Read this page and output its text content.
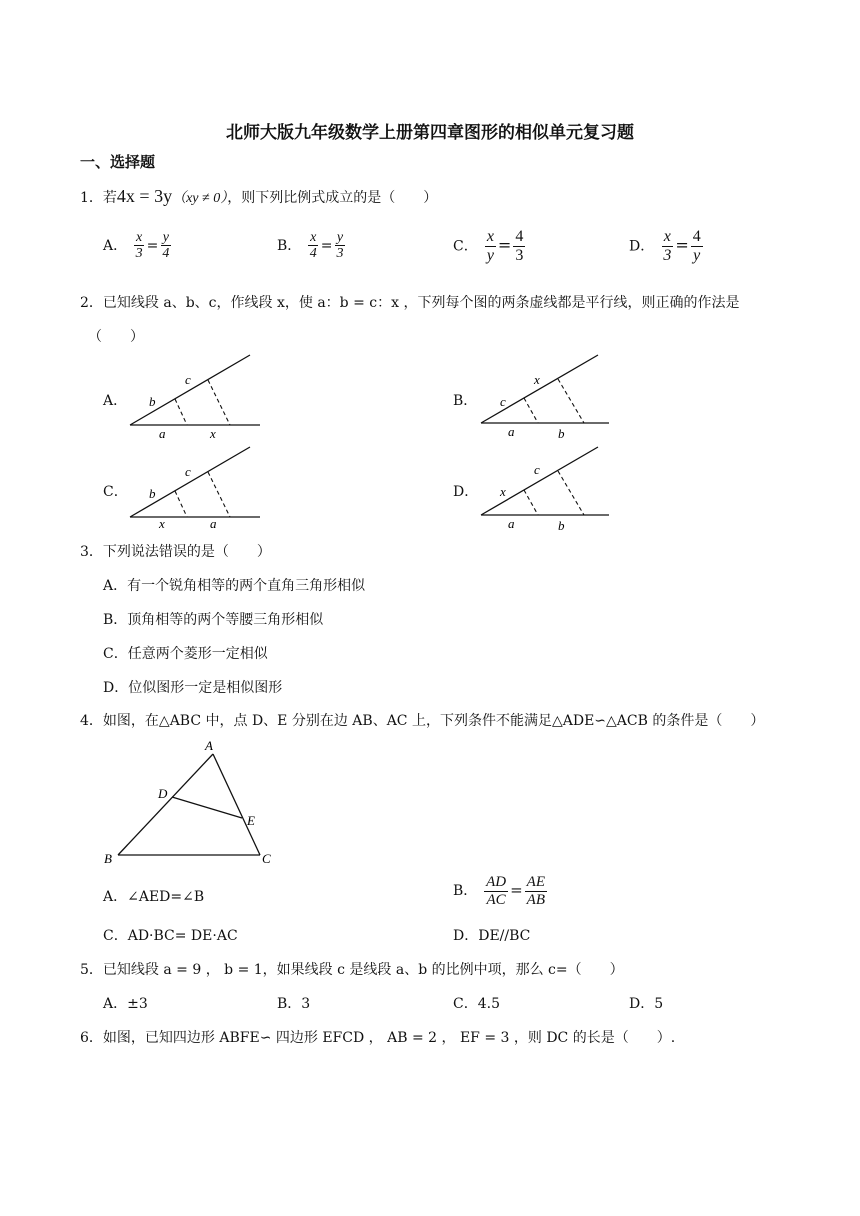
北师大版九年级数学上册第四章图形的相似单元复习题
一、选择题
1．若4x = 3y（xy ≠ 0），则下列比例式成立的是（　　）
A． $\frac{x}{3} = \frac{y}{4}$	B． $\frac{x}{4} = \frac{y}{3}$	C． $\frac{x}{y} = \frac{4}{3}$	D． $\frac{x}{3} = \frac{4}{y}$
2．已知线段 a、b、c，作线段 x，使 a：b = c：x ，下列每个图的两条虚线都是平行线，则正确的作法是
（　　）
A． b
c
a	x
B． c
x
a	b
C． b
c
x	a
D． x
c
a	b
3．下列说法错误的是（　　）
A．有一个锐角相等的两个直角三角形相似
B．顶角相等的两个等腰三角形相似
C．任意两个菱形一定相似
D．位似图形一定是相似图形
4．如图，在△ABC 中，点 D、E 分别在边 AB、AC 上，下列条件不能满足△ADE∽△ACB 的条件是（　　）
A
B	C
D
E
A．∠AED=∠B	B． $\frac{AD}{AC} = \frac{AE}{AB}$
C．AD·BC= DE·AC	D．DE//BC
5．已知线段 a = 9 ， b = 1，如果线段 c 是线段 a、b 的比例中项，那么 c=（　　）
A．±3	B．3	C．4.5	D．5
6．如图，已知四边形 ABFE∽ 四边形 EFCD ， AB = 2 ， EF = 3 ，则 DC 的长是（　　）.
